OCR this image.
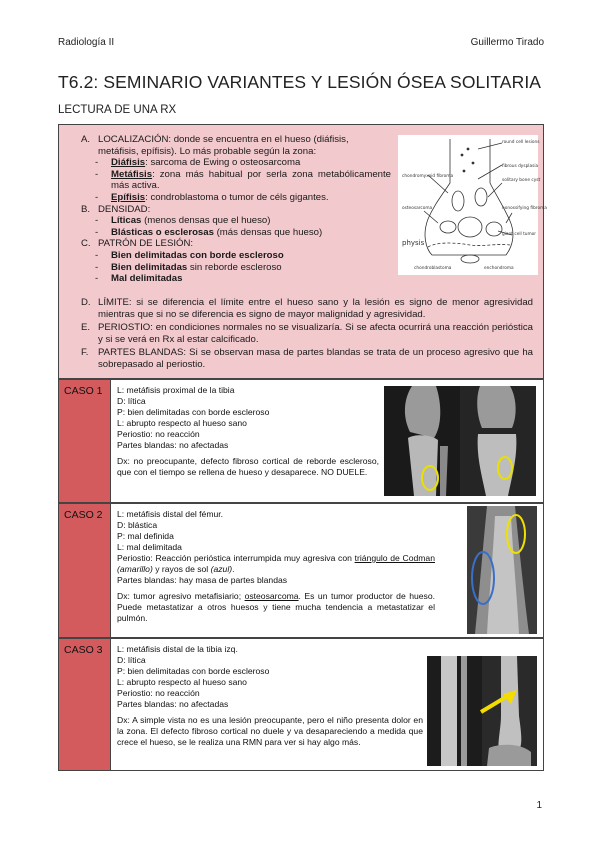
Radiología II	Guillermo Tirado
T6.2: SEMINARIO VARIANTES Y LESIÓN ÓSEA SOLITARIA
LECTURA DE UNA RX
A. LOCALIZACIÓN: donde se encuentra en el hueso (diáfisis, metáfisis, epífisis). Lo más probable según la zona:
- Diáfisis: sarcoma de Ewing o osteosarcoma
- Metáfisis: zona más habitual por serla zona metabólicamente más activa.
- Epífisis: condroblastoma o tumor de céls gigantes.
B. DENSIDAD:
- Líticas (menos densas que el hueso)
- Blásticas o esclerosas (más densas que hueso)
C. PATRÓN DE LESIÓN:
- Bien delimitadas con borde escleroso
- Bien delimitadas sin reborde escleroso
- Mal delimitadas
D. LÍMITE: si se diferencia el límite entre el hueso sano y la lesión es signo de menor agresividad mientras que si no se diferencia es signo de mayor malignidad y agresividad.
E. PERIOSTIO: en condiciones normales no se visualizaría. Si se afecta ocurrirá una reacción perióstica y si se verá en Rx al estar calcificado.
F. PARTES BLANDAS: Si se observan masa de partes blandas se trata de un proceso agresivo que ha sobrepasado al periostio.
round cell lesions
fibrous dysplasia
solitary bone cyst
chondromyxoid fibroma
osteosarcoma	nonossifying fibroma
giant cell tumor
physis
chondroblastoma	enchondroma
CASO 1	L: metáfisis proximal de la tibia

D: lítica

P: bien delimitadas con borde escleroso

L: abrupto respecto al hueso sano

Periostio: no reacción

Partes blandas: no afectadas

Dx: no preocupante, defecto fibroso cortical de reborde escleroso, que con el tiempo se rellena de hueso y desaparece. NO DUELE.

CASO 2	L: metáfisis distal del fémur.

D: blástica

P: mal definida

L: mal delimitada

Periostio: Reacción perióstica interrumpida muy agresiva con triángulo de Codman (amarillo) y rayos de sol (azul).

Partes blandas: hay masa de partes blandas

Dx: tumor agresivo metafisiario; osteosarcoma. Es un tumor productor de hueso. Puede metastatizar a otros huesos y tiene mucha tendencia a metastatizar el pulmón.

CASO 3	L: metáfisis distal de la tibia izq.

D: lítica

P: bien delimitadas con borde escleroso

L: abrupto respecto al hueso sano

Periostio: no reacción

Partes blandas: no afectadas

Dx: A simple vista no es una lesión preocupante, pero el niño presenta dolor en la zona. El defecto fibroso cortical no duele y va desapareciendo a medida que crece el hueso, se le realiza una RMN para ver si hay algo más.

1
